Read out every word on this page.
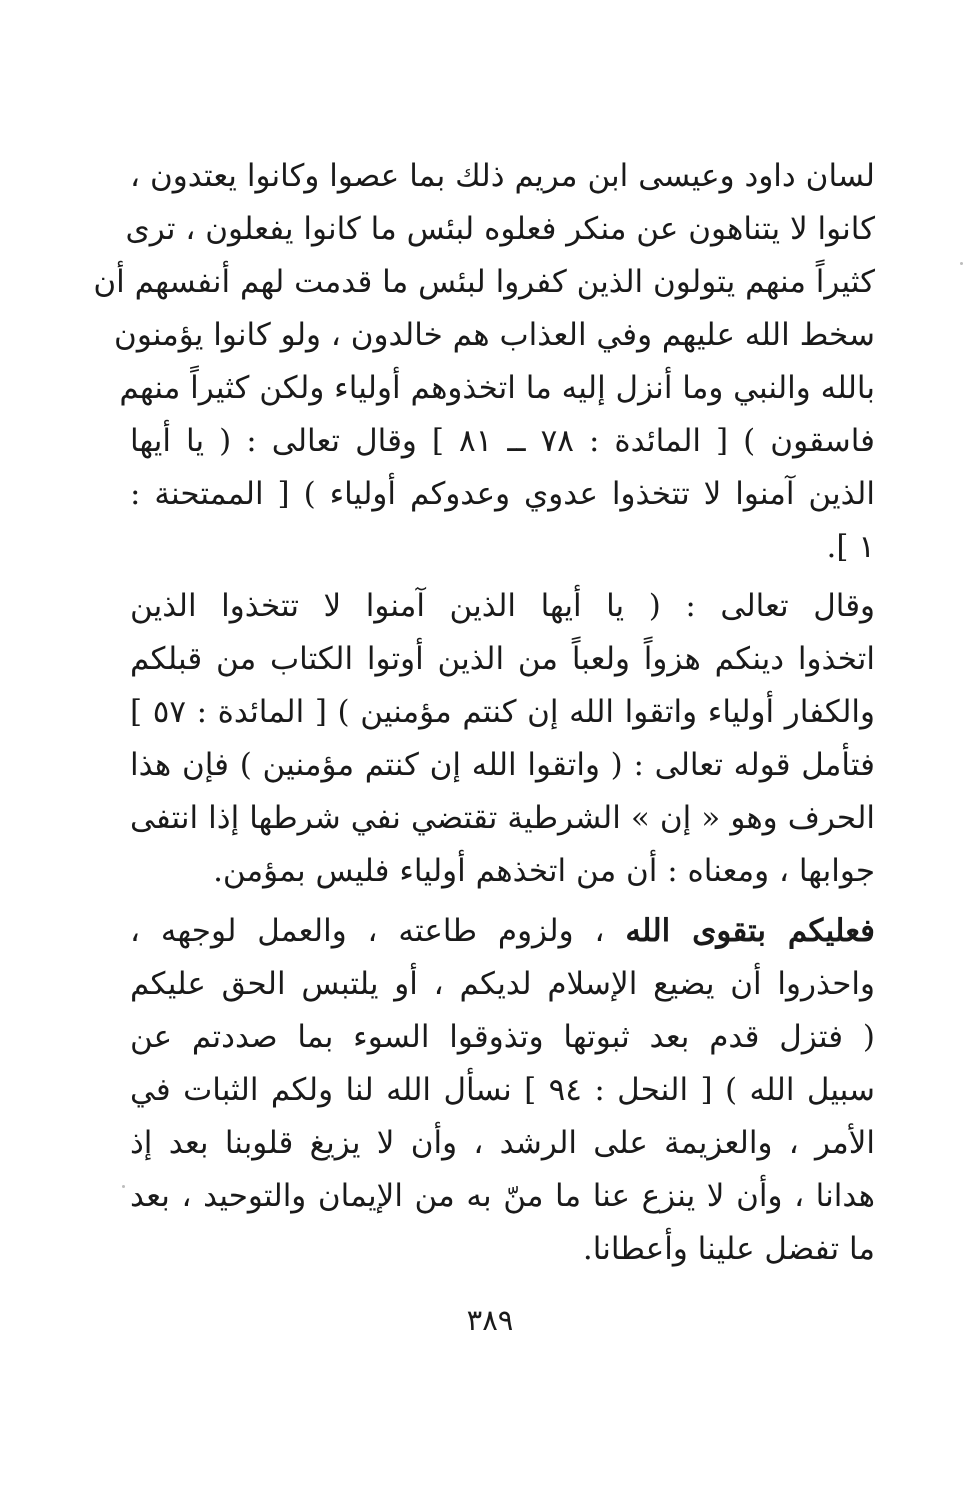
لسان داود وعيسى ابن مريم ذلك بما عصوا وكانوا يعتدون ،
كانوا لا يتناهون عن منكر فعلوه لبئس ما كانوا يفعلون ، ترى
كثيراً منهم يتولون الذين كفروا لبئس ما قدمت لهم أنفسهم أن
سخط الله عليهم وفي العذاب هم خالدون ، ولو كانوا يؤمنون
بالله والنبي وما أنزل إليه ما اتخذوهم أولياء ولكن كثيراً منهم
فاسقون ) [ المائدة : ٧٨ ــ ٨١ ] وقال تعالى : ( يا أيها
الذين آمنوا لا تتخذوا عدوي وعدوكم أولياء ) [ الممتحنة :
١ ].
وقال تعالى : ( يا أيها الذين آمنوا لا تتخذوا الذين
اتخذوا دينكم هزواً ولعباً من الذين أوتوا الكتاب من قبلكم
والكفار أولياء واتقوا الله إن كنتم مؤمنين ) [ المائدة : ٥٧ ]
فتأمل قوله تعالى : ( واتقوا الله إن كنتم مؤمنين ) فإن هذا
الحرف وهو « إن » الشرطية تقتضي نفي شرطها إذا انتفى
جوابها ، ومعناه : أن من اتخذهم أولياء فليس بمؤمن.
فعليكم بتقوى الله ، ولزوم طاعته ، والعمل لوجهه ،
واحذروا أن يضيع الإسلام لديكم ، أو يلتبس الحق عليكم
( فتزل قدم بعد ثبوتها وتذوقوا السوء بما صددتم عن
سبيل الله ) [ النحل : ٩٤ ] نسأل الله لنا ولكم الثبات في
الأمر ، والعزيمة على الرشد ، وأن لا يزيغ قلوبنا بعد إذ
هدانا ، وأن لا ينزع عنا ما منّ به من الإيمان والتوحيد ، بعد
ما تفضل علينا وأعطانا.
٣٨٩
